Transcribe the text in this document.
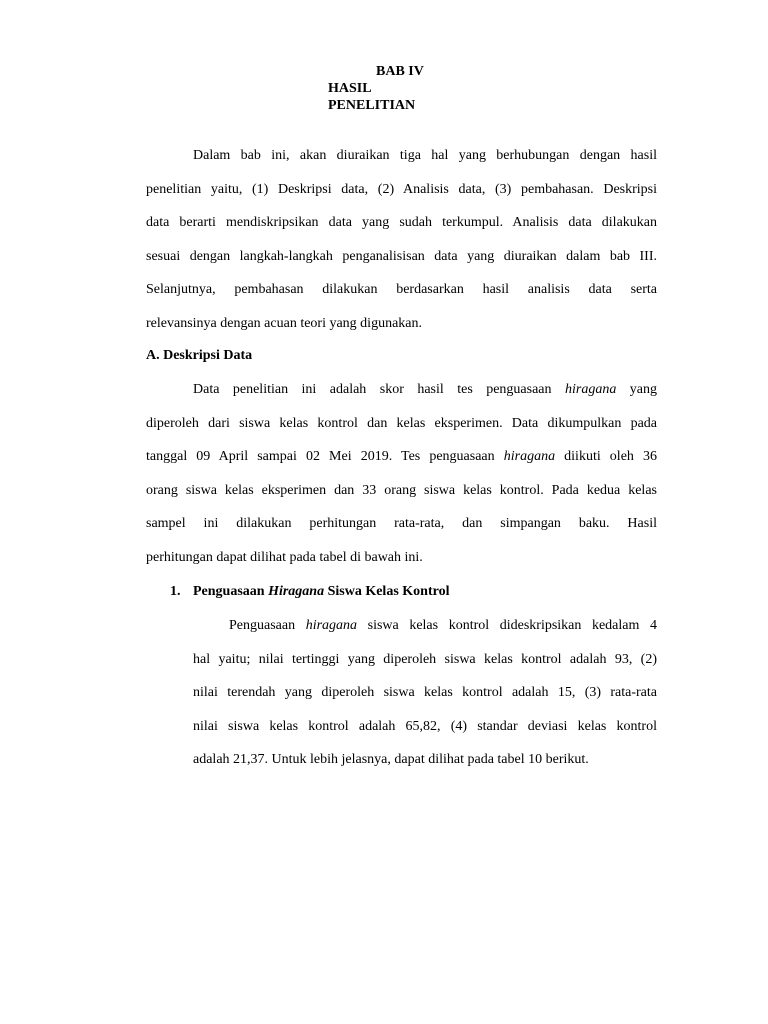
BAB IV
HASIL
PENELITIAN

Dalam bab ini, akan diuraikan tiga hal yang berhubungan dengan hasil

penelitian yaitu, (1) Deskripsi data, (2) Analisis data, (3) pembahasan. Deskripsi

data berarti mendiskripsikan data yang sudah terkumpul. Analisis data dilakukan

sesuai dengan langkah-langkah penganalisisan data yang diuraikan dalam bab III.

Selanjutnya, pembahasan dilakukan berdasarkan hasil analisis data serta

relevansinya dengan acuan teori yang digunakan.

A. Deskripsi Data

Data penelitian ini adalah skor hasil tes penguasaan hiragana yang

diperoleh dari siswa kelas kontrol dan kelas eksperimen. Data dikumpulkan pada

tanggal 09 April sampai 02 Mei 2019. Tes penguasaan hiragana diikuti oleh 36

orang siswa kelas eksperimen dan 33 orang siswa kelas kontrol. Pada kedua kelas

sampel ini dilakukan perhitungan rata-rata, dan simpangan baku. Hasil

perhitungan dapat dilihat pada tabel di bawah ini.

1. Penguasaan Hiragana Siswa Kelas Kontrol

Penguasaan hiragana siswa kelas kontrol dideskripsikan kedalam 4

hal yaitu; nilai tertinggi yang diperoleh siswa kelas kontrol adalah 93, (2)

nilai terendah yang diperoleh siswa kelas kontrol adalah 15, (3) rata-rata

nilai siswa kelas kontrol adalah 65,82, (4) standar deviasi kelas kontrol

adalah 21,37. Untuk lebih jelasnya, dapat dilihat pada tabel 10 berikut.
